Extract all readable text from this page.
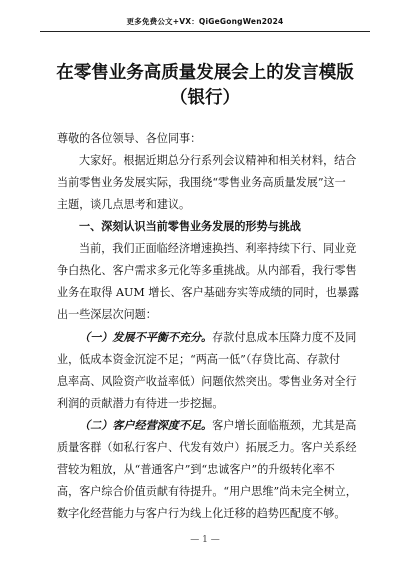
更多免费公文+VX：QiGeGongWen2024
在零售业务高质量发展会上的发言模版
（银行）
尊敬的各位领导、各位同事：
大家好。根据近期总分行系列会议精神和相关材料，结合
当前零售业务发展实际，我围绕“零售业务高质量发展”这一
主题，谈几点思考和建议。
一、深刻认识当前零售业务发展的形势与挑战
当前，我们正面临经济增速换挡、利率持续下行、同业竞
争白热化、客户需求多元化等多重挑战。从内部看，我行零售
业务在取得 AUM 增长、客户基础夯实等成绩的同时，也暴露
出一些深层次问题：
（一）发展不平衡不充分。存款付息成本压降力度不及同
业，低成本资金沉淀不足；“两高一低”（存贷比高、存款付
息率高、风险资产收益率低）问题依然突出。零售业务对全行
利润的贡献潜力有待进一步挖掘。
（二）客户经营深度不足。客户增长面临瓶颈，尤其是高
质量客群（如私行客户、代发有效户）拓展乏力。客户关系经
营较为粗放，从“普通客户”到“忠诚客户”的升级转化率不
高，客户综合价值贡献有待提升。“用户思维”尚未完全树立，
数字化经营能力与客户行为线上化迁移的趋势匹配度不够。
— 1 —
